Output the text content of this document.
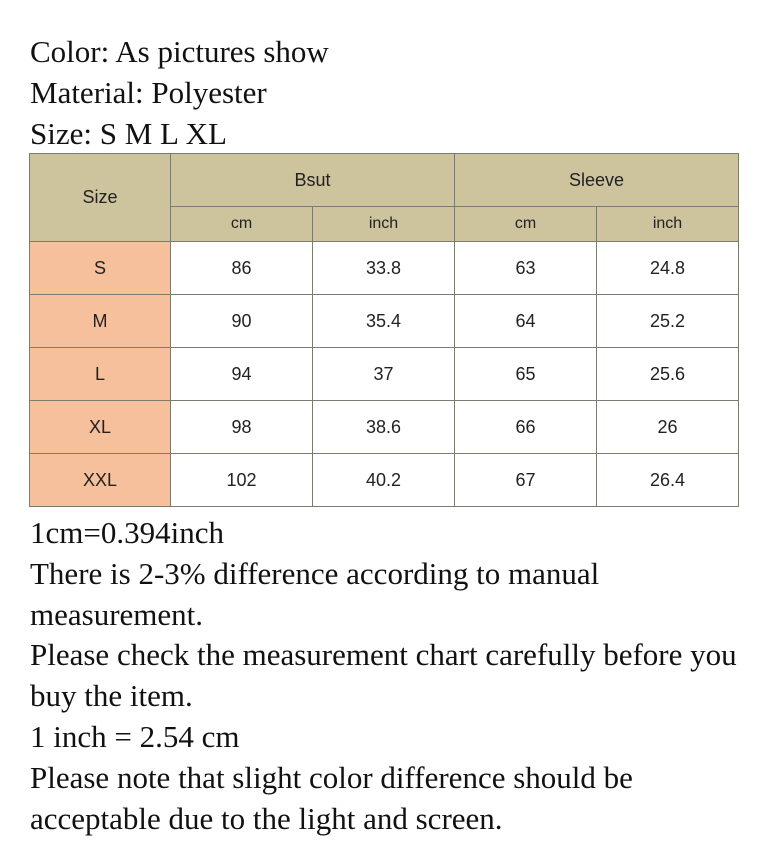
Color: As pictures show
Material: Polyester
Size: S M L XL
Size	Bsut		Sleeve	
	cm	inch	cm	inch
S	86	33.8	63	24.8
M	90	35.4	64	25.2
L	94	37	65	25.6
XL	98	38.6	66	26
XXL	102	40.2	67	26.4
1cm=0.394inch
There is 2-3% difference according to manual measurement.
Please check the measurement chart carefully before you buy the item.
1 inch = 2.54 cm
Please note that slight color difference should be acceptable due to the light and screen.
